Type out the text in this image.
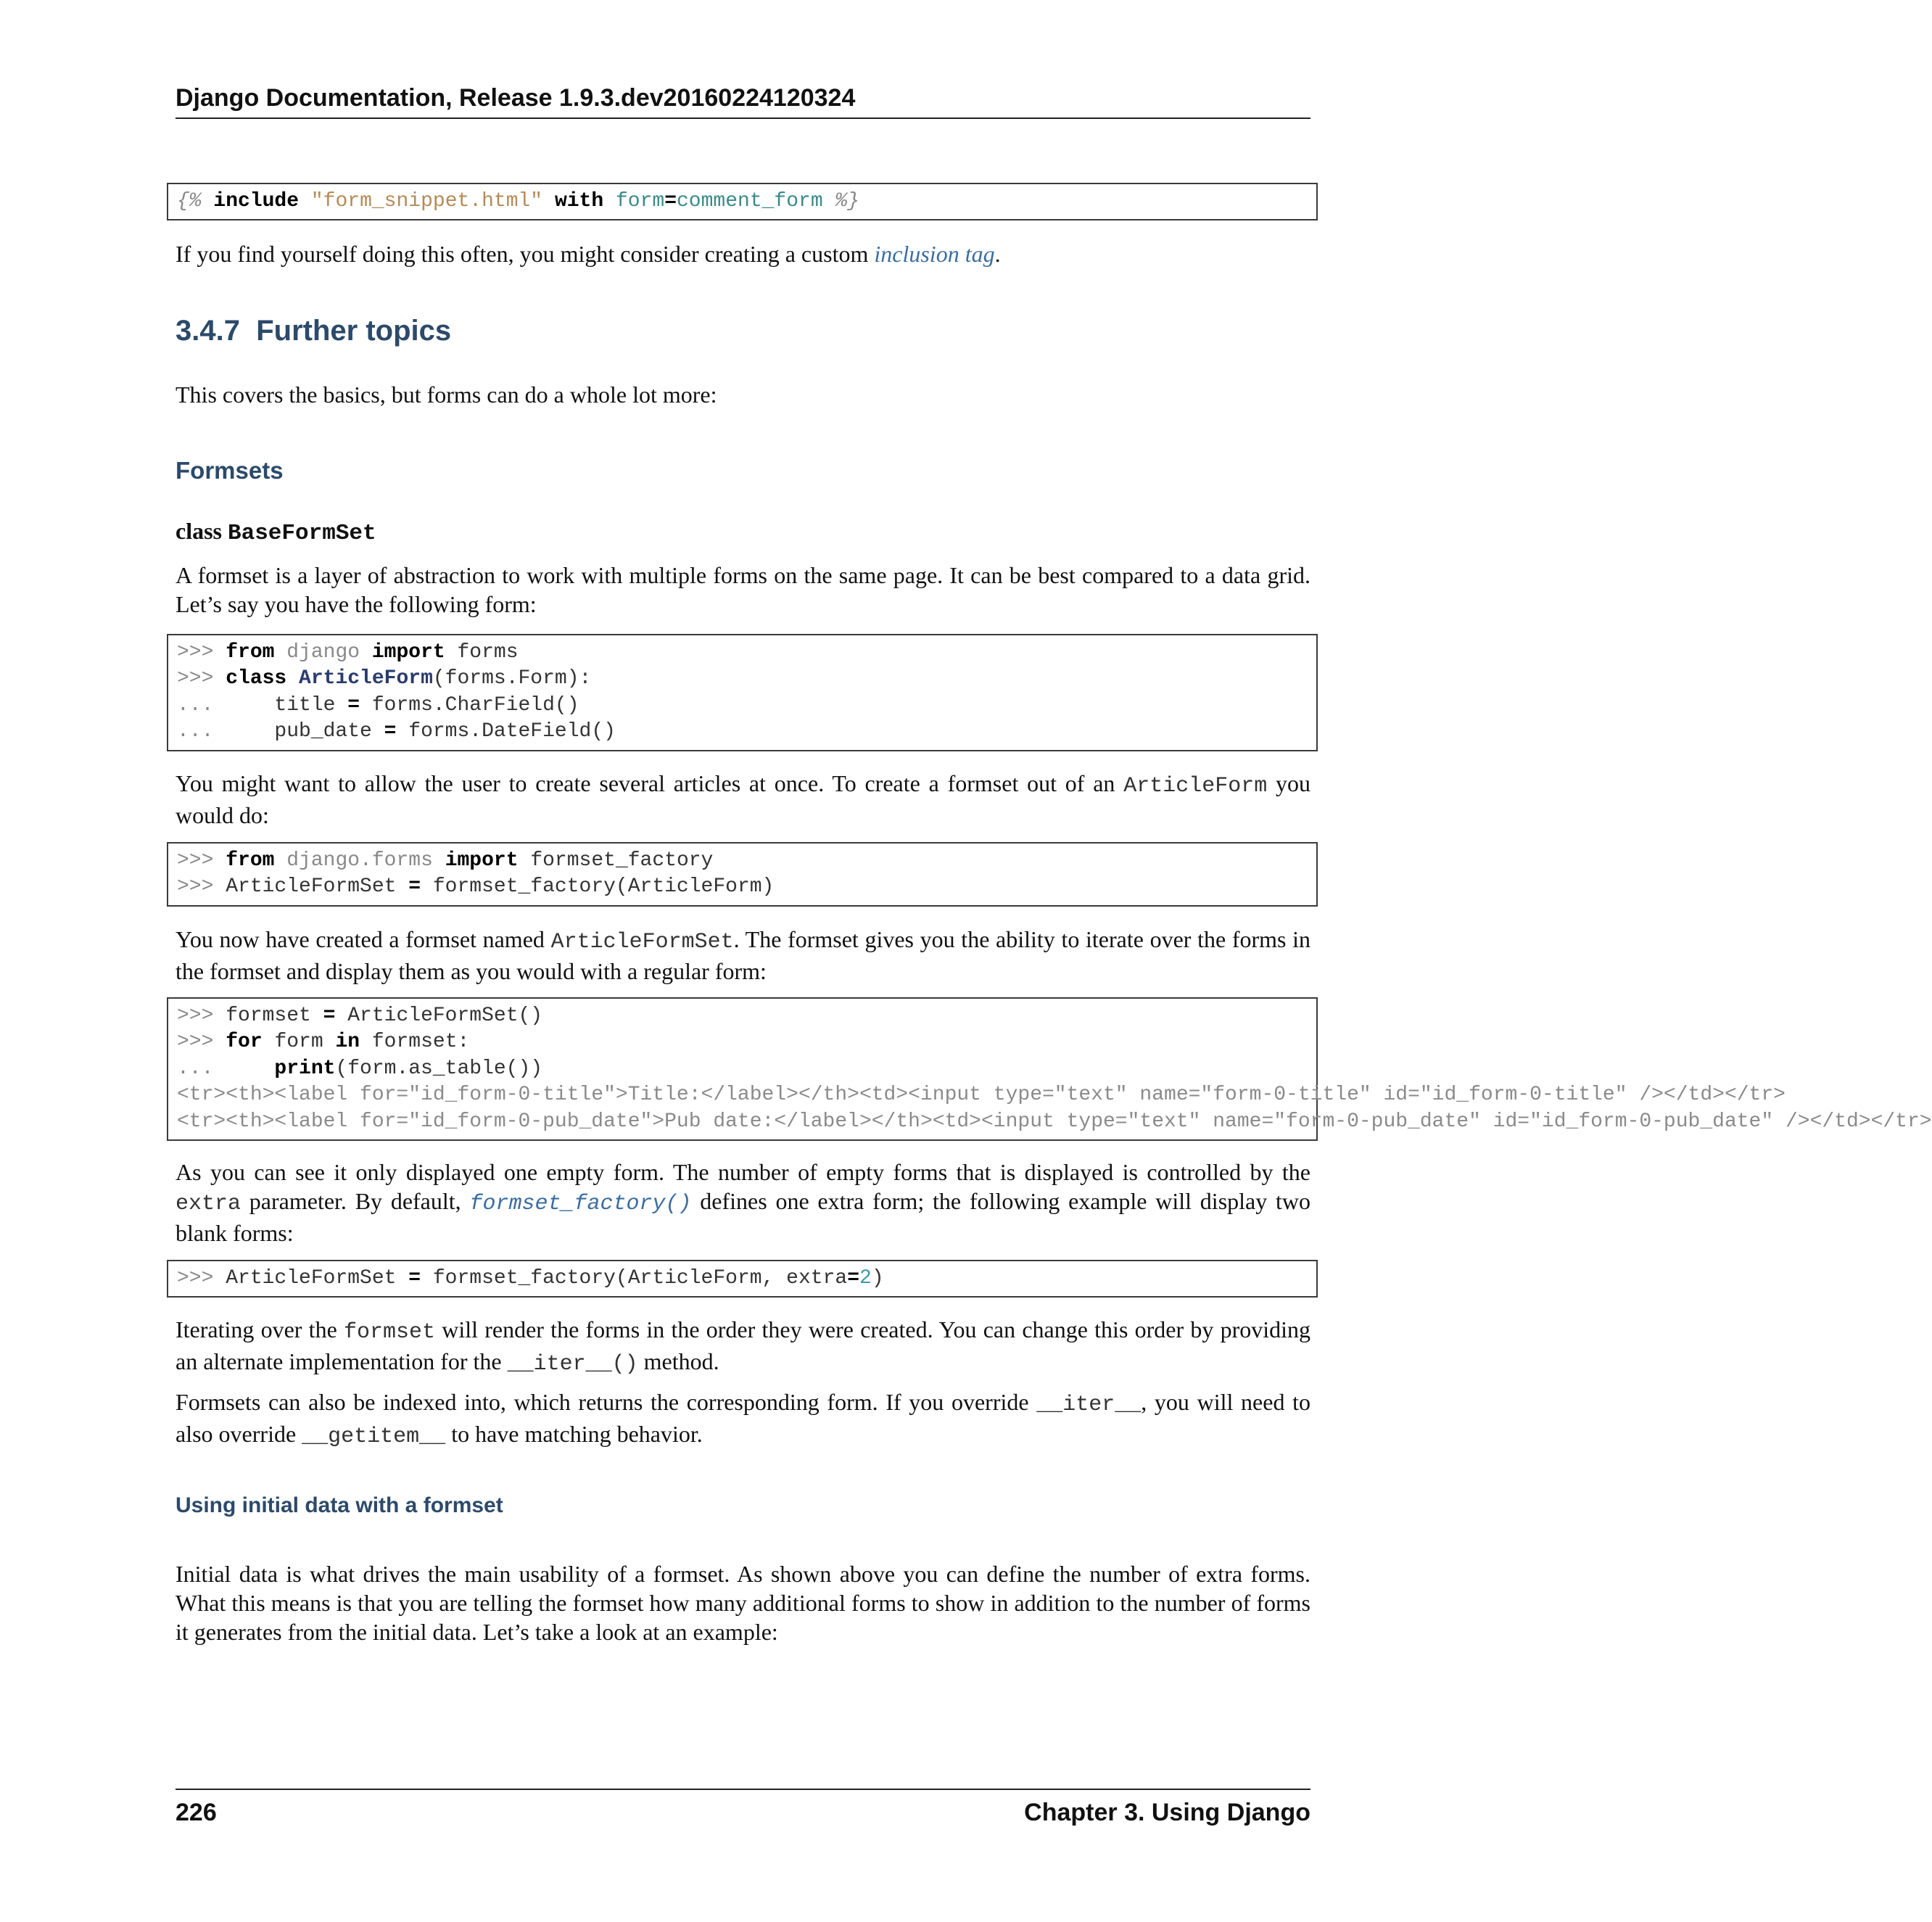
Django Documentation, Release 1.9.3.dev20160224120324
{% include "form_snippet.html" with form=comment_form %}

If you find yourself doing this often, you might consider creating a custom inclusion tag.

3.4.7 Further topics

This covers the basics, but forms can do a whole lot more:

Formsets
class BaseFormSet

A formset is a layer of abstraction to work with multiple forms on the same page. It can be best compared to a data grid. Let’s say you have the following form:

>>> from django import forms
>>> class ArticleForm(forms.Form):
...     title = forms.CharField()
...     pub_date = forms.DateField()

You might want to allow the user to create several articles at once. To create a formset out of an ArticleForm you would do:

>>> from django.forms import formset_factory
>>> ArticleFormSet = formset_factory(ArticleForm)

You now have created a formset named ArticleFormSet. The formset gives you the ability to iterate over the forms in the formset and display them as you would with a regular form:

>>> formset = ArticleFormSet()
>>> for form in formset:
...     print(form.as_table())
<tr><th><label for="id_form-0-title">Title:</label></th><td><input type="text" name="form-0-title" id="id_form-0-title" /></td></tr>
<tr><th><label for="id_form-0-pub_date">Pub date:</label></th><td><input type="text" name="form-0-pub_date" id="id_form-0-pub_date" /></td></tr>

As you can see it only displayed one empty form. The number of empty forms that is displayed is controlled by the extra parameter. By default, formset_factory() defines one extra form; the following example will display two blank forms:

>>> ArticleFormSet = formset_factory(ArticleForm, extra=2)

Iterating over the formset will render the forms in the order they were created. You can change this order by providing an alternate implementation for the __iter__() method.

Formsets can also be indexed into, which returns the corresponding form. If you override __iter__, you will need to also override __getitem__ to have matching behavior.

Using initial data with a formset

Initial data is what drives the main usability of a formset. As shown above you can define the number of extra forms. What this means is that you are telling the formset how many additional forms to show in addition to the number of forms it generates from the initial data. Let’s take a look at an example:

226	Chapter 3. Using Django
